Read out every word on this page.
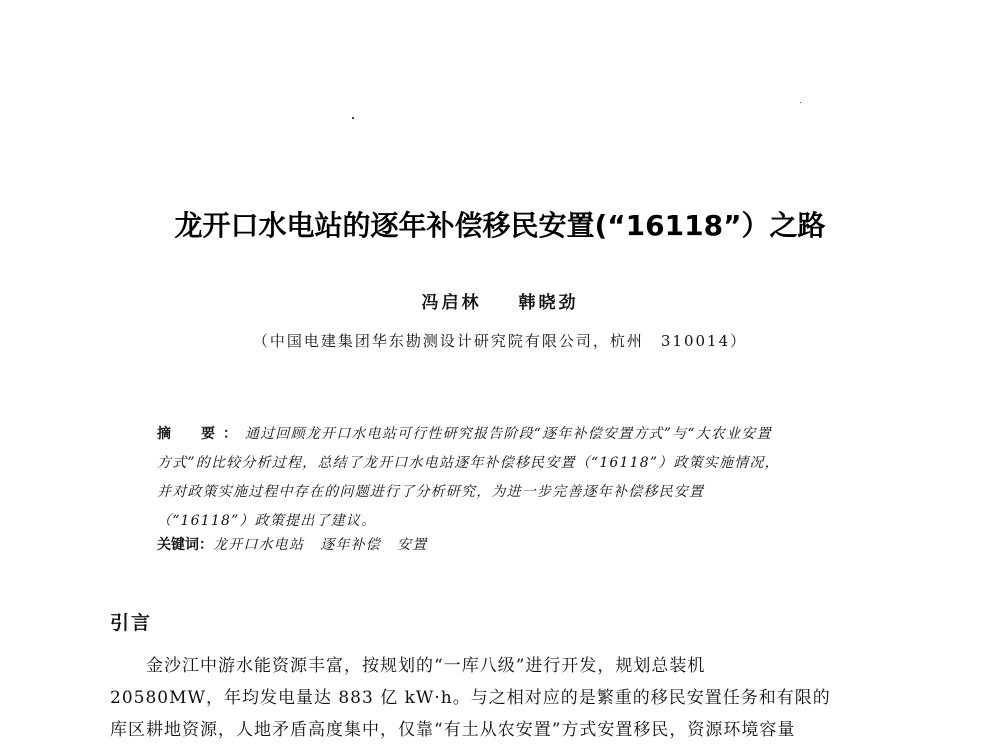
龙开口水电站的逐年补偿移民安置(“16118”）之路
冯启林 韩晓劲
（中国电建集团华东勘测设计研究院有限公司，杭州　310014）
摘　要：通过回顾龙开口水电站可行性研究报告阶段“逐年补偿安置方式”与“大农业安置
方式”的比较分析过程，总结了龙开口水电站逐年补偿移民安置（“16118”）政策实施情况，
并对政策实施过程中存在的问题进行了分析研究，为进一步完善逐年补偿移民安置
（“16118”）政策提出了建议。
关键词：龙开口水电站 逐年补偿 安置
引言
金沙江中游水能资源丰富，按规划的“一库八级”进行开发，规划总装机
20580MW，年均发电量达 883 亿 kW·h。与之相对应的是繁重的移民安置任务和有限的
库区耕地资源，人地矛盾高度集中，仅靠“有土从农安置”方式安置移民，资源环境容量
